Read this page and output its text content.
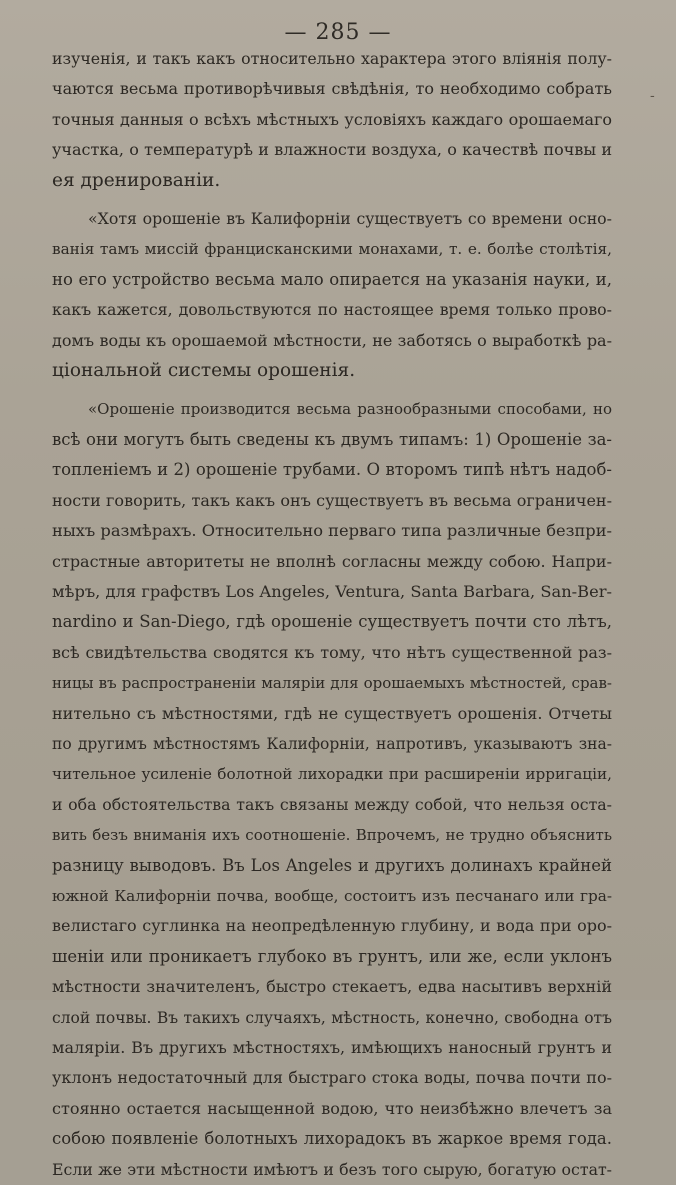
— 285 —
-
изученія, и такъ какъ относительно характера этого вліянія полу-
чаются весьма противорѣчивыя свѣдѣнія, то необходимо собрать
точныя данныя о всѣхъ мѣстныхъ условіяхъ каждаго орошаемаго
участка, о температурѣ и влажности воздуха, о качествѣ почвы и
ея дренированіи.
«Хотя орошеніе въ Калифорніи существуетъ со времени осно-
ванія тамъ миссій францисканскими монахами, т. е. болѣе столѣтія,
но его устройство весьма мало опирается на указанія науки, и,
какъ кажется, довольствуются по настоящее время только прово-
домъ воды къ орошаемой мѣстности, не заботясь о выработкѣ ра-
ціональной системы орошенія.
«Орошеніе производится весьма разнообразными способами, но
всѣ они могутъ быть сведены къ двумъ типамъ: 1) Орошеніе за-
топленіемъ и 2) орошеніе трубами. О второмъ типѣ нѣтъ надоб-
ности говорить, такъ какъ онъ существуетъ въ весьма ограничен-
ныхъ размѣрахъ. Относительно перваго типа различные безпри-
страстные авторитеты не вполнѣ согласны между собою. Напри-
мѣръ, для графствъ Los Angeles, Ventura, Santa Barbara, San-Ber-
nardino и San-Diego, гдѣ орошеніе существуетъ почти сто лѣтъ,
всѣ свидѣтельства сводятся къ тому, что нѣтъ существенной раз-
ницы въ распространеніи маляріи для орошаемыхъ мѣстностей, срав-
нительно съ мѣстностями, гдѣ не существуетъ орошенія. Отчеты
по другимъ мѣстностямъ Калифорніи, напротивъ, указываютъ зна-
чительное усиленіе болотной лихорадки при расширеніи ирригаціи,
и оба обстоятельства такъ связаны между собой, что нельзя оста-
вить безъ вниманія ихъ соотношеніе. Впрочемъ, не трудно объяснить
разницу выводовъ. Въ Los Angeles и другихъ долинахъ крайней
южной Калифорніи почва, вообще, состоитъ изъ песчанаго или гра-
велистаго суглинка на неопредѣленную глубину, и вода при оро-
шеніи или проникаетъ глубоко въ грунтъ, или же, если уклонъ
мѣстности значителенъ, быстро стекаетъ, едва насытивъ верхній
слой почвы. Въ такихъ случаяхъ, мѣстность, конечно, свободна отъ
маляріи. Въ другихъ мѣстностяхъ, имѣющихъ наносный грунтъ и
уклонъ недостаточный для быстраго стока воды, почва почти по-
стоянно остается насыщенной водою, что неизбѣжно влечетъ за
собою появленіе болотныхъ лихорадокъ въ жаркое время года.
Если же эти мѣстности имѣютъ и безъ того сырую, богатую остат-
